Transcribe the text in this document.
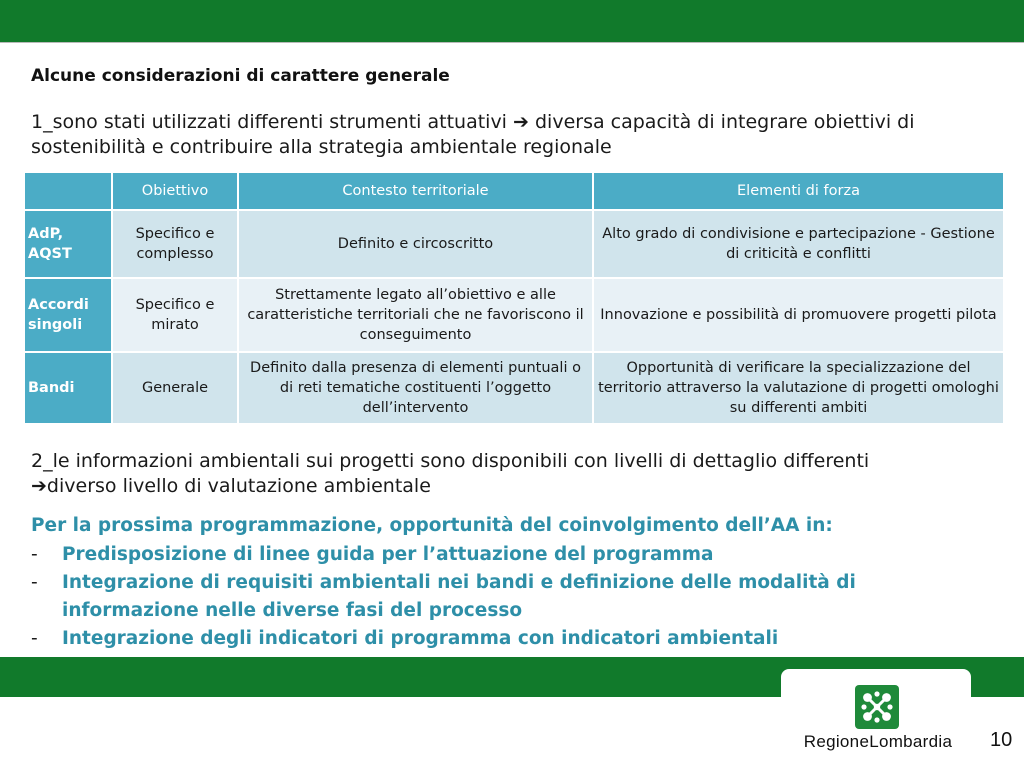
Alcune considerazioni di carattere generale
1_sono stati utilizzati differenti strumenti attuativi ➔ diversa capacità di integrare obiettivi di sostenibilità e contribuire alla strategia ambientale regionale
	Obiettivo	Contesto territoriale	Elementi di forza
AdP, AQST	Specifico e complesso	Definito e circoscritto	Alto grado di condivisione e partecipazione - Gestione di criticità e conflitti
Accordi singoli	Specifico e mirato	Strettamente legato all’obiettivo e alle caratteristiche territoriali che ne favoriscono il conseguimento	Innovazione e possibilità di promuovere progetti pilota
Bandi	Generale	Definito dalla presenza di elementi puntuali o di reti tematiche costituenti l’oggetto dell’intervento	Opportunità di verificare la specializzazione del territorio attraverso la valutazione di progetti omologhi su differenti ambiti
2_le informazioni ambientali sui progetti sono disponibili con livelli di dettaglio differenti
➔diverso livello di valutazione ambientale
Per la prossima programmazione, opportunità del coinvolgimento dell’AA in:
- Predisposizione di linee guida per l’attuazione del programma
- Integrazione di requisiti ambientali nei bandi e definizione delle modalità di informazione nelle diverse fasi del processo
- Integrazione degli indicatori di programma con indicatori ambientali
RegioneLombardia	10
